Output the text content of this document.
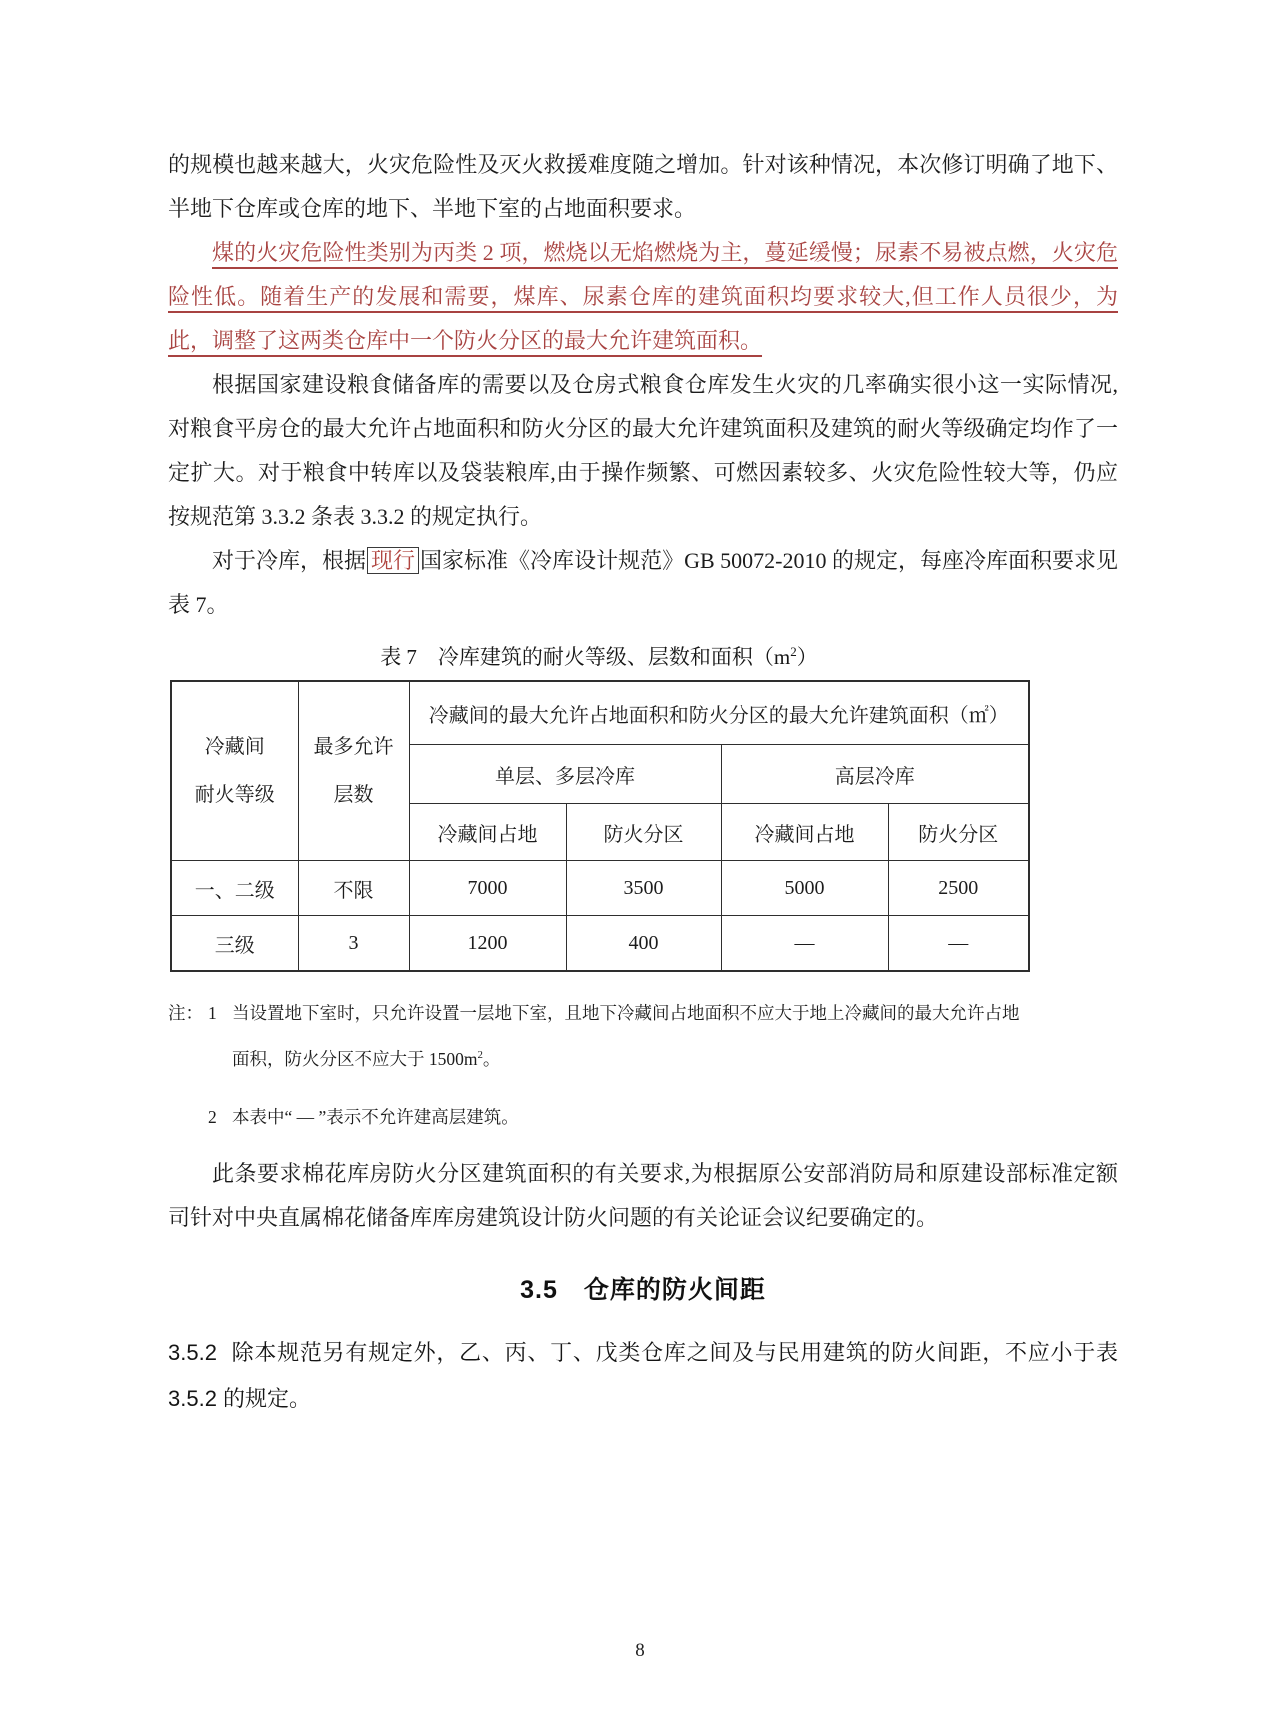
的规模也越来越大，火灾危险性及灭火救援难度随之增加。针对该种情况，本次修订明确了地下、半地下仓库或仓库的地下、半地下室的占地面积要求。

煤的火灾危险性类别为丙类 2 项，燃烧以无焰燃烧为主，蔓延缓慢；尿素不易被点燃，火灾危险性低。随着生产的发展和需要，煤库、尿素仓库的建筑面积均要求较大,但工作人员很少，为此，调整了这两类仓库中一个防火分区的最大允许建筑面积。

根据国家建设粮食储备库的需要以及仓房式粮食仓库发生火灾的几率确实很小这一实际情况,对粮食平房仓的最大允许占地面积和防火分区的最大允许建筑面积及建筑的耐火等级确定均作了一定扩大。对于粮食中转库以及袋装粮库,由于操作频繁、可燃因素较多、火灾危险性较大等，仍应按规范第 3.3.2 条表 3.3.2 的规定执行。

对于冷库，根据 现行 国家标准《冷库设计规范》GB 50072-2010 的规定，每座冷库面积要求见表 7。

表 7　冷库建筑的耐火等级、层数和面积$(m^2)$
冷藏间
耐火等级

最多允许
层数
	冷藏间的最大允许占地面积和防火分区的最大允许建筑面积（㎡）
		单层、多层冷库		高层冷库	
		冷藏间占地	防火分区	冷藏间占地	防火分区
一、二级	不限	7000	3500	5000	2500
三级	3	1200	400	—	—
注： 1 当设置地下室时，只允许设置一层地下室，且地下冷藏间占地面积不应大于地上冷藏间的最大允许占地
面积，防火分区不应大于 $1500m^2$。
2 本表中“ — ”表示不允许建高层建筑。

此条要求棉花库房防火分区建筑面积的有关要求,为根据原公安部消防局和原建设部标准定额司针对中央直属棉花储备库库房建筑设计防火问题的有关论证会议纪要确定的。

3.5　仓库的防火间距

3.5.2 除本规范另有规定外，乙、丙、丁、戊类仓库之间及与民用建筑的防火间距，不应小于表 3.5.2 的规定。

8
